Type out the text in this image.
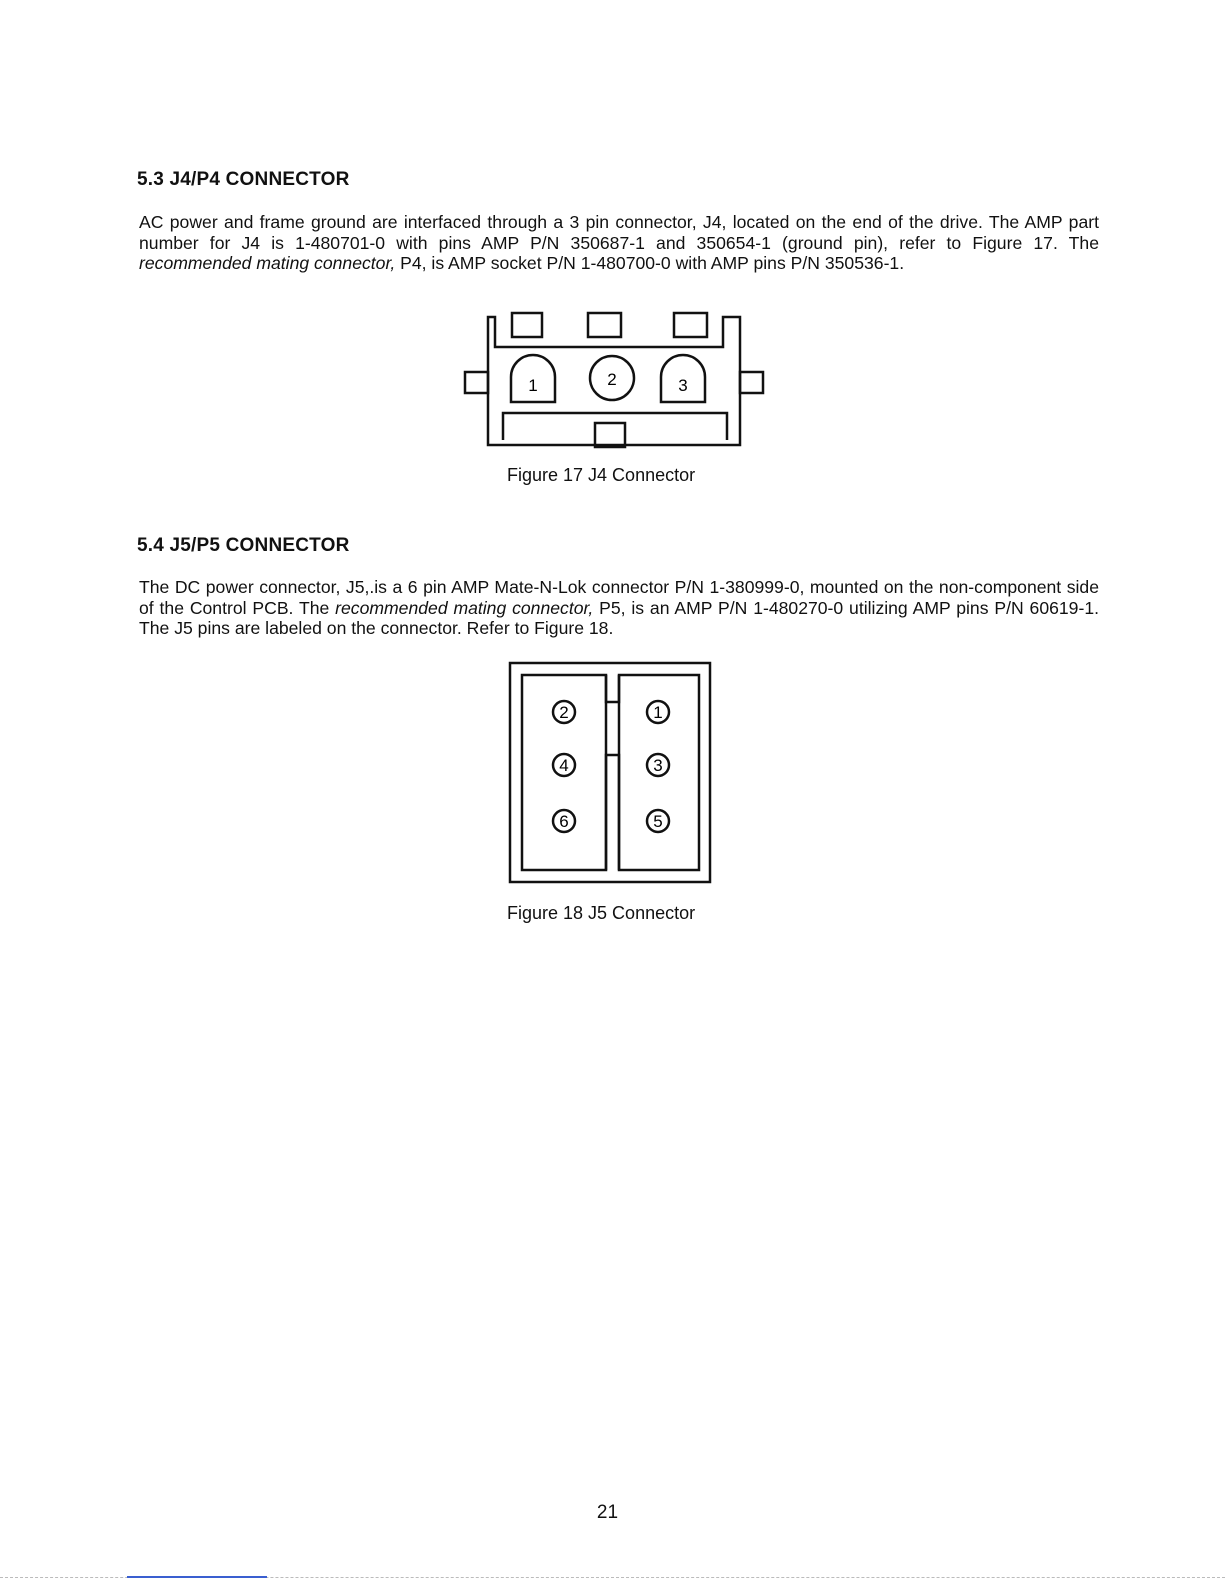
5.3 J4/P4 CONNECTOR

AC power and frame ground are interfaced through a 3 pin connector, J4, located on the end of the drive. The AMP part number for J4 is 1-480701-0 with pins AMP P/N 350687-1 and 350654-1 (ground pin), refer to Figure 17. The recommended mating connector, P4, is AMP socket P/N 1-480700-0 with AMP pins P/N 350536-1.

1	2	3

Figure 17 J4 Connector

5.4 J5/P5 CONNECTOR

The DC power connector, J5,.is a 6 pin AMP Mate-N-Lok connector P/N 1-380999-0, mounted on the non-component side of the Control PCB. The recommended mating connector, P5, is an AMP P/N 1-480270-0 utilizing AMP pins P/N 60619-1. The J5 pins are labeled on the connector. Refer to Figure 18.

2	1
4	3
6	5

Figure 18 J5 Connector

21
